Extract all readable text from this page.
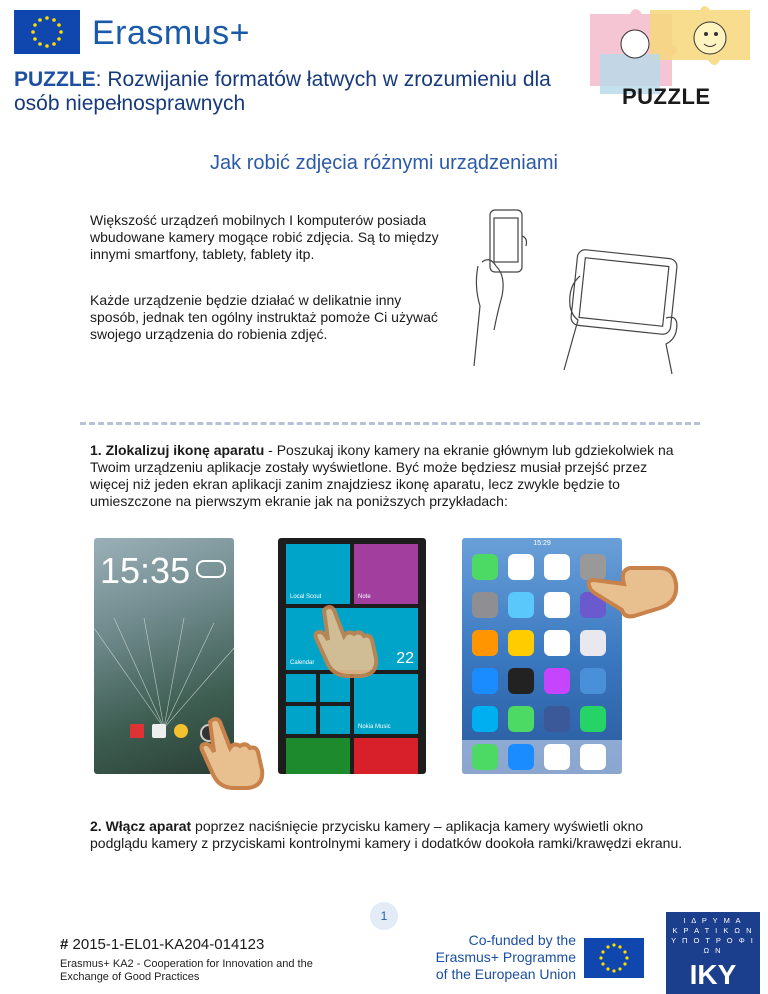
Erasmus+
PUZZLE: Rozwijanie formatów łatwych w zrozumieniu dla osób niepełnosprawnych	PUZZLE
Jak robić zdjęcia różnymi urządzeniami
Większość urządzeń mobilnych I komputerów posiada wbudowane kamery mogące robić zdjęcia. Są to między innymi smartfony, tablety, fablety itp.
Każde urządzenie będzie działać w delikatnie inny sposób, jednak ten ogólny instruktaż pomoże Ci używać swojego urządzenia do robienia zdjęć.
1. Zlokalizuj ikonę aparatu - Poszukaj ikony kamery na ekranie głównym lub gdziekolwiek na Twoim urządzeniu aplikacje zostały wyświetlone. Być może będziesz musiał przejść przez więcej niż jeden ekran aplikacji zanim znajdziesz ikonę aparatu, lecz zwykle będzie to umieszczone na pierwszym ekranie jak na poniższych przykładach:
15:35
Local Scout	Note
Calendar	22
Nokia Music
15:29
2. Włącz aparat poprzez naciśnięcie przycisku kamery – aplikacja kamery wyświetli okno podglądu kamery z przyciskami kontrolnymi kamery i dodatków dookoła ramki/krawędzi ekranu.
1
# 2015-1-EL01-KA204-014123
Erasmus+ KA2 - Cooperation for Innovation and the Exchange of Good Practices
Co-funded by the Erasmus+ Programme of the European Union
Ι Δ Ρ Υ Μ Α
Κ Ρ Α Τ Ι Κ Ω Ν
Υ Π Ο Τ Ρ Ο Φ Ι Ω Ν
IKY
